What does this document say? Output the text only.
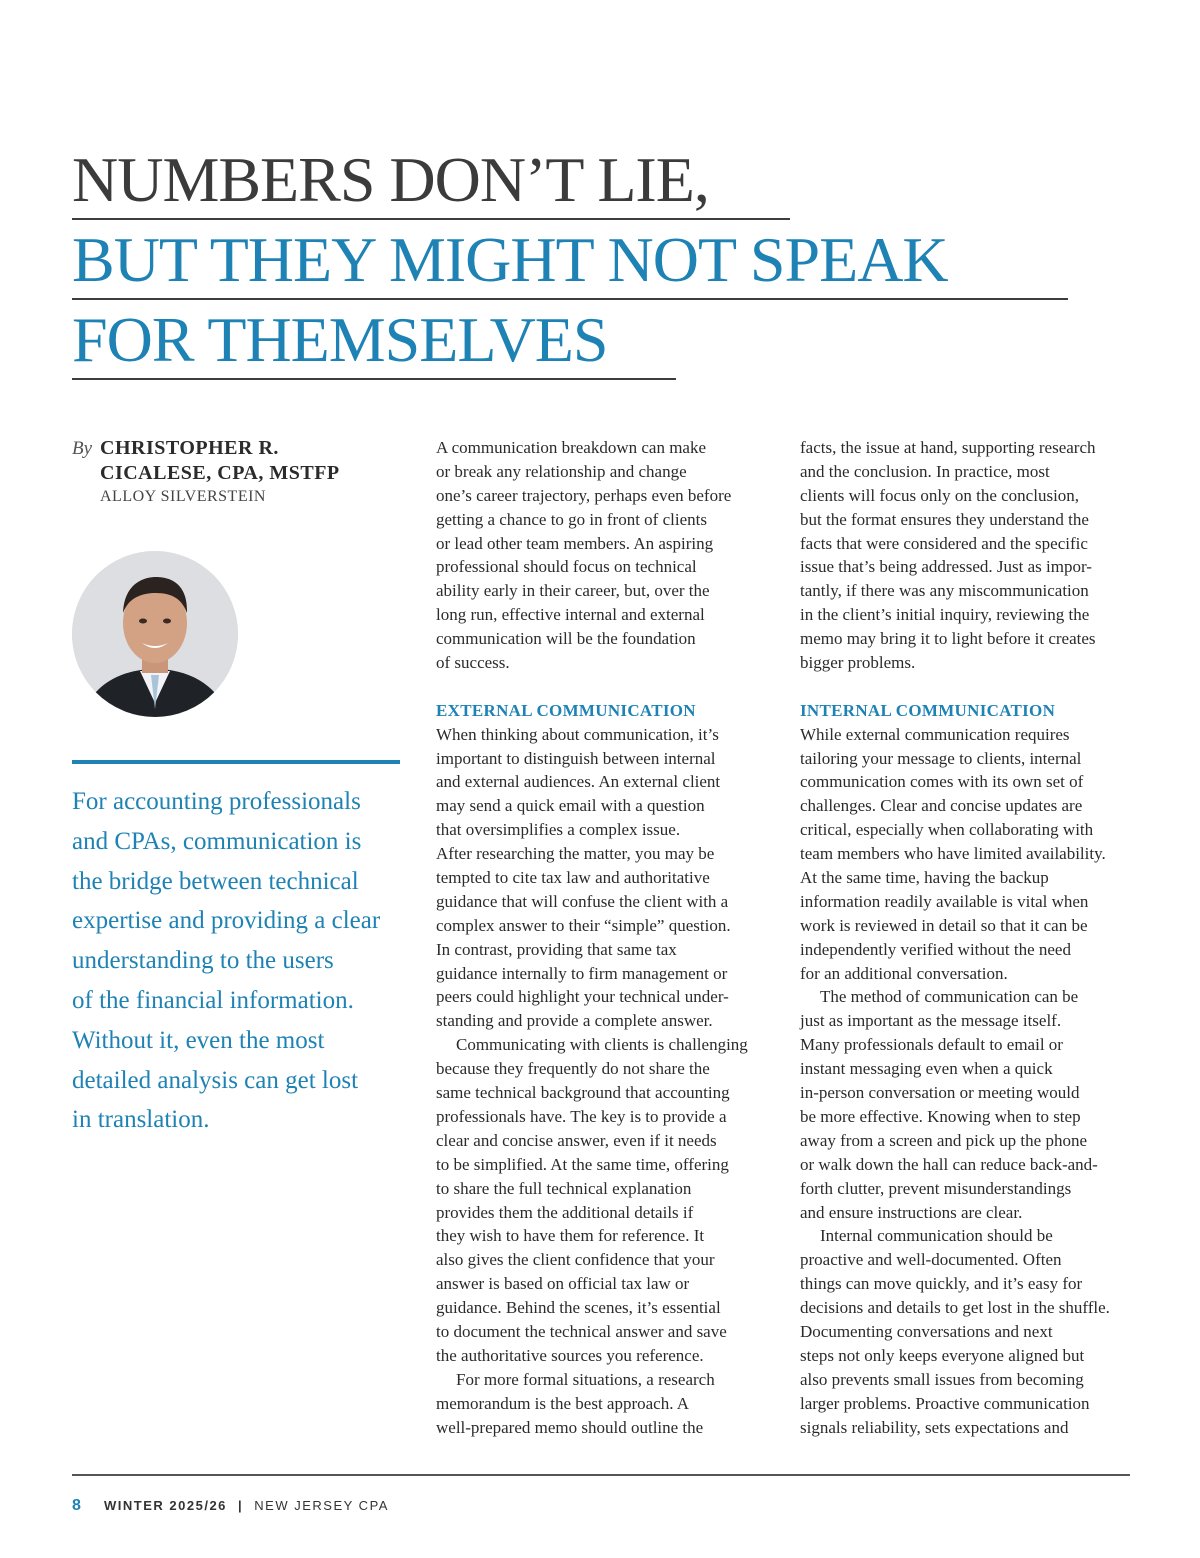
NUMBERS DON’T LIE,
BUT THEY MIGHT NOT SPEAK
FOR THEMSELVES
By CHRISTOPHER R.
CICALESE, CPA, MSTFP
ALLOY SILVERSTEIN

For accounting professionals
and CPAs, communication is
the bridge between technical
expertise and providing a clear
understanding to the users
of the financial information.
Without it, even the most
detailed analysis can get lost
in translation.

A communication breakdown can make
or break any relationship and change
one’s career trajectory, perhaps even before
getting a chance to go in front of clients
or lead other team members. An aspiring
professional should focus on technical
ability early in their career, but, over the
long run, effective internal and external
communication will be the foundation
of success.
EXTERNAL COMMUNICATION
When thinking about communication, it’s
important to distinguish between internal
and external audiences. An external client
may send a quick email with a question
that oversimplifies a complex issue.
After researching the matter, you may be
tempted to cite tax law and authoritative
guidance that will confuse the client with a
complex answer to their “simple” question.
In contrast, providing that same tax
guidance internally to firm management or
peers could highlight your technical under-
standing and provide a complete answer.
Communicating with clients is challenging
because they frequently do not share the
same technical background that accounting
professionals have. The key is to provide a
clear and concise answer, even if it needs
to be simplified. At the same time, offering
to share the full technical explanation
provides them the additional details if
they wish to have them for reference. It
also gives the client confidence that your
answer is based on official tax law or
guidance. Behind the scenes, it’s essential
to document the technical answer and save
the authoritative sources you reference.
For more formal situations, a research
memorandum is the best approach. A
well-prepared memo should outline the
facts, the issue at hand, supporting research
and the conclusion. In practice, most
clients will focus only on the conclusion,
but the format ensures they understand the
facts that were considered and the specific
issue that’s being addressed. Just as impor-
tantly, if there was any miscommunication
in the client’s initial inquiry, reviewing the
memo may bring it to light before it creates
bigger problems.
INTERNAL COMMUNICATION
While external communication requires
tailoring your message to clients, internal
communication comes with its own set of
challenges. Clear and concise updates are
critical, especially when collaborating with
team members who have limited availability.
At the same time, having the backup
information readily available is vital when
work is reviewed in detail so that it can be
independently verified without the need
for an additional conversation.
The method of communication can be
just as important as the message itself.
Many professionals default to email or
instant messaging even when a quick
in-person conversation or meeting would
be more effective. Knowing when to step
away from a screen and pick up the phone
or walk down the hall can reduce back-and-
forth clutter, prevent misunderstandings
and ensure instructions are clear.
Internal communication should be
proactive and well-documented. Often
things can move quickly, and it’s easy for
decisions and details to get lost in the shuffle.
Documenting conversations and next
steps not only keeps everyone aligned but
also prevents small issues from becoming
larger problems. Proactive communication
signals reliability, sets expectations and
8 WINTER 2025/26 | NEW JERSEY CPA
